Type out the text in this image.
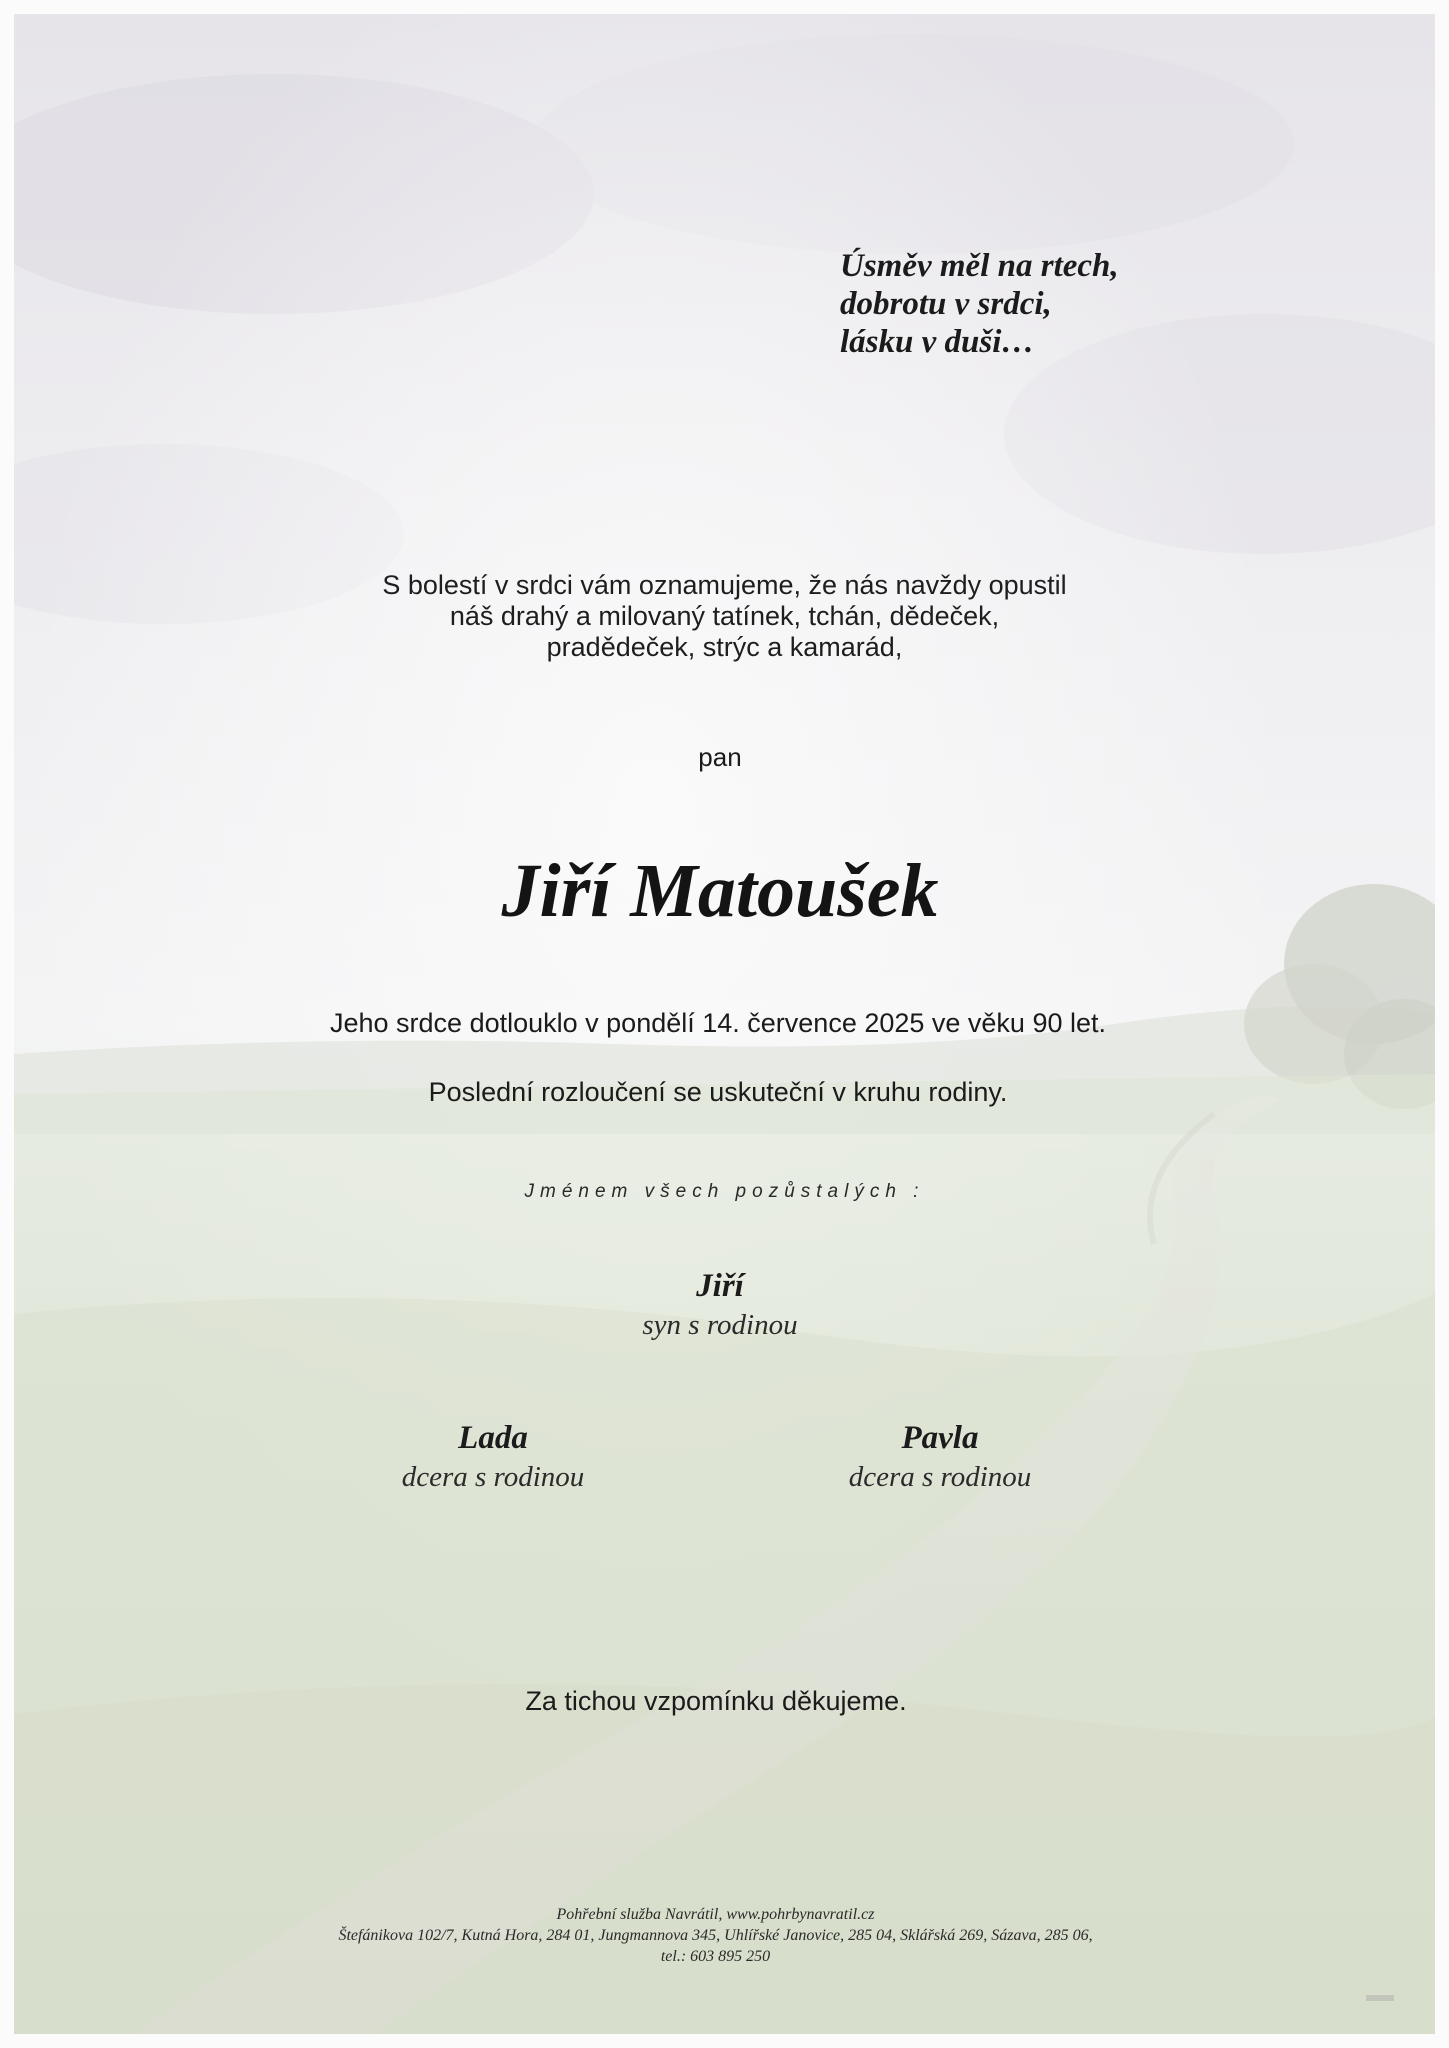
Úsměv měl na rtech,
dobrotu v srdci,
lásku v duši…
S bolestí v srdci vám oznamujeme, že nás navždy opustil
náš drahý a milovaný tatínek, tchán, dědeček,
pradědeček, strýc a kamarád,
pan
Jiří Matoušek
Jeho srdce dotlouklo v pondělí 14. července 2025 ve věku 90 let.
Poslední rozloučení se uskuteční v kruhu rodiny.
Jménem všech pozůstalých :
Jiří
syn s rodinou
Lada
dcera s rodinou
Pavla
dcera s rodinou
Za tichou vzpomínku děkujeme.
Pohřební služba Navrátil, www.pohrbynavratil.cz
Štefánikova 102/7, Kutná Hora, 284 01, Jungmannova 345, Uhlířské Janovice, 285 04, Sklářská 269, Sázava, 285 06,
tel.: 603 895 250
